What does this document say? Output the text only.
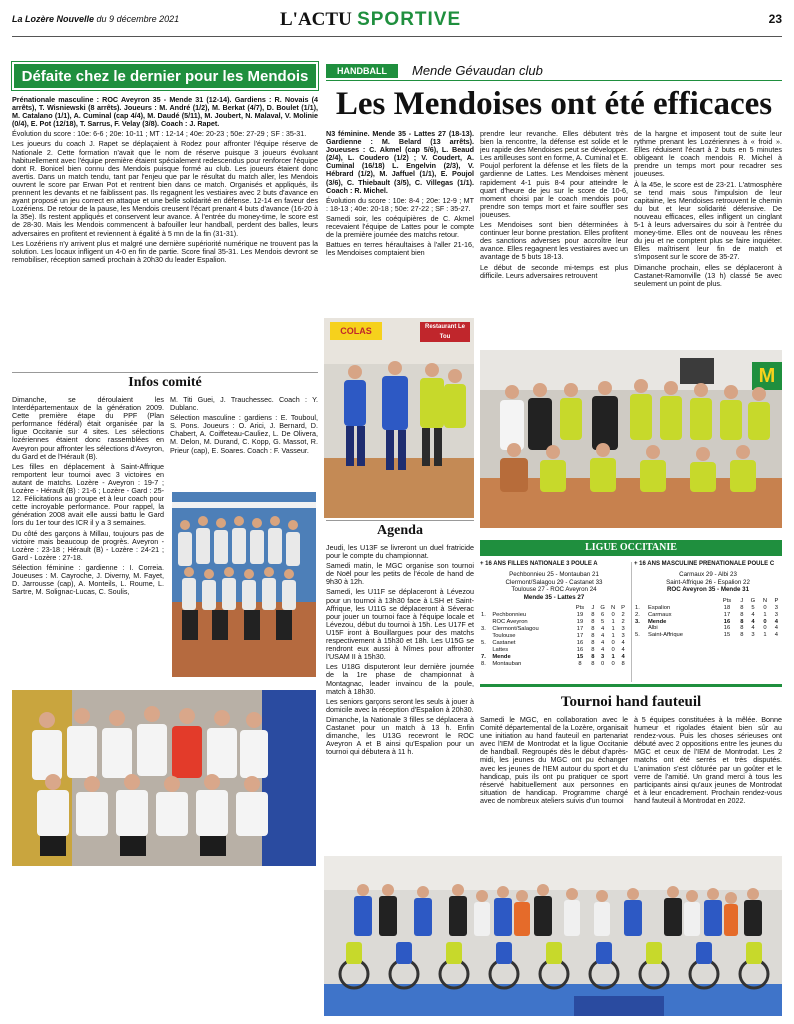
La Lozère Nouvelle du 9 décembre 2021	L'ACTU SPORTIVE	23
Défaite chez le dernier pour les Mendois

Prénationale masculine : ROC Aveyron 35 - Mende 31 (12-14). Gardiens : R. Novais (4 arrêts), T. Wisniewski (8 arrêts). Joueurs : M. André (1/2), M. Berkat (4/7), D. Boulet (1/1), M. Catalano (1/1), A. Cuminal (cap 4/4), M. Daudé (5/11), M. Joubert, N. Malaval, V. Molinie (0/4), E. Pot (12/18), T. Sarrus, F. Velay (3/8). Coach : J. Rapet.

Évolution du score : 10e: 6-6 ; 20e: 10-11 ; MT : 12-14 ; 40e: 20-23 ; 50e: 27-29 ; SF : 35-31.

Les joueurs du coach J. Rapet se déplaçaient à Rodez pour affronter l'équipe réserve de Nationale 2. Cette formation n'avait que le nom de réserve puisque 3 joueurs évoluant habituellement avec l'équipe première étaient spécialement redescendus pour renforcer l'équipe dont R. Bonicel bien connu des Mendois puisque formé au club. Les joueurs étaient donc avertis. Dans un match tendu, tant par l'enjeu que par le résultat du match aller, les Mendois ouvrent le score par Erwan Pot et rentrent bien dans ce match. Organisés et appliqués, ils prennent les devants et ne faiblissent pas. Ils regagnent les vestiaires avec 2 buts d'avance en ayant proposé un jeu correct en attaque et une belle solidarité en défense. 12-14 en faveur des Lozériens. De retour de la pause, les Mendois creusent l'écart prenant 4 buts d'avance (16-20 à la 35e). Ils restent appliqués et conservent leur avance. À l'entrée du money-time, le score est de 28-30. Mais les Mendois commencent à bafouiller leur handball, perdent des balles, leurs adversaires en profitent et reviennent à égalité à 5 mn de la fin (31-31).

Les Lozériens n'y arrivent plus et malgré une dernière supériorité numérique ne trouvent pas la solution. Les locaux infligent un 4-0 en fin de partie. Score final 35-31. Les Mendois devront se remobiliser, réception samedi prochain à 20h30 du leader Espalion.

Infos comité

Dimanche, se déroulaient les Interdépartementaux de la génération 2009. Cette première étape du PPF (Plan performance fédéral) était organisée par la ligue Occitanie sur 4 sites. Les sélections lozériennes étaient donc rassemblées en Aveyron pour affronter les sélections d'Aveyron, du Gard et de l'Hérault (B).

Les filles en déplacement à Saint-Affrique remportent leur tournoi avec 3 victoires en autant de matchs. Lozère - Aveyron : 19-7 ; Lozère - Hérault (B) : 21-6 ; Lozère - Gard : 25-12. Félicitations au groupe et à leur coach pour cette incroyable performance. Pour rappel, la génération 2008 avait elle aussi battu le Gard lors du 1er tour des ICR il y a 3 semaines.

Du côté des garçons à Millau, toujours pas de victoire mais beaucoup de progrès. Aveyron - Lozère : 23-18 ; Hérault (B) - Lozère : 24-21 ; Gard - Lozère : 27-18.

Sélection féminine : gardienne : I. Correia. Joueuses : M. Cayroche, J. Diverny, M. Fayet, D. Jarrousse (cap), A. Monteils, L. Roume, L. Sartre, M. Solignac-Lucas, C. Soulis,

M. Titi Guei, J. Trauchessec. Coach : Y. Dublanc.

Sélection masculine : gardiens : E. Touboul, S. Pons. Joueurs : O. Arici, J. Bernard, D. Chabert, A. Coiffeteau-Cauliez, L. De Olivera, M. Delon, M. Durand, C. Kopp, G. Massot, R. Prieur (cap), E. Soares. Coach : F. Vasseur.

HANDBALL	Mende Gévaudan club
Les Mendoises ont été efficaces

N3 féminine. Mende 35 - Lattes 27 (18-13). Gardienne : M. Belard (13 arrêts). Joueuses : C. Akmel (cap 5/6), L. Beaud (2/4), L. Coudero (1/2) ; V. Coudert, A. Cuminal (16/18) L. Engelvin (2/3), V. Hébrard (1/2), M. Jaffuel (1/1), E. Poujol (3/6), C. Thiebault (3/5), C. Villegas (1/1). Coach : R. Michel.

Évolution du score : 10e: 8-4 ; 20e: 12-9 ; MT : 18-13 ; 40e: 20-18 ; 50e: 27-22 ; SF : 35-27.

Samedi soir, les coéquipières de C. Akmel recevaient l'équipe de Lattes pour le compte de la première journée des matchs retour.

Battues en terres héraultaises à l'aller 21-16, les Mendoises comptaient bien

prendre leur revanche. Elles débutent très bien la rencontre, la défense est solide et le jeu rapide des Mendoises peut se développer. Les artilleuses sont en forme, A. Cuminal et E. Poujol perforent la défense et les filets de la gardienne de Lattes. Les Mendoises mènent rapidement 4-1 puis 8-4 pour atteindre le quart d'heure de jeu sur le score de 10-6, moment choisi par le coach mendois pour prendre son temps mort et faire souffler ses joueuses.

Les Mendoises sont bien déterminées à continuer leur bonne prestation. Elles profitent des sanctions adverses pour accroître leur avance. Elles regagnent les vestiaires avec un avantage de 5 buts 18-13.

Le début de seconde mi-temps est plus difficile. Leurs adversaires retrouvent

de la hargne et imposent tout de suite leur rythme prenant les Lozériennes à « froid ». Elles réduisent l'écart à 2 buts en 5 minutes obligeant le coach mendois R. Michel à prendre un temps mort pour recadrer ses joueuses.

À la 45e, le score est de 23-21. L'atmosphère se tend mais sous l'impulsion de leur capitaine, les Mendoises retrouvent le chemin du but et leur solidarité défensive. De nouveau efficaces, elles infligent un cinglant 5-1 à leurs adversaires du soir à l'entrée du money-time. Elles ont de nouveau les rênes du jeu et ne comptent plus se faire inquiéter. Elles maîtrisent leur fin de match et s'imposent sur le score de 35-27.

Dimanche prochain, elles se déplaceront à Castanet-Ramonville (13 h) classé 5e avec seulement un point de plus.

COLAS	Restaurant Le Tou
M
Agenda

Jeudi, les U13F se livreront un duel fratricide pour le compte du championnat.

Samedi matin, le MGC organise son tournoi de Noël pour les petits de l'école de hand de 9h30 à 12h.

Samedi, les U11F se déplaceront à Lévezou pour un tournoi à 13h30 face à LSH et Saint-Affrique, les U11G se déplaceront à Séverac pour jouer un tournoi face à l'équipe locale et Lévezou, début du tournoi à 15h. Les U17F et U15F iront à Bouillargues pour des matchs respectivement à 15h30 et 18h. Les U15G se rendront eux aussi à Nîmes pour affronter l'USAM II à 15h30.

Les U18G disputeront leur dernière journée de la 1re phase de championnat à Montagnac, leader invaincu de la poule, match à 18h30.

Les seniors garçons seront les seuls à jouer à domicile avec la réception d'Espalion à 20h30.

Dimanche, la Nationale 3 filles se déplacera à Castanet pour un match à 13 h. Enfin dimanche, les U13G recevront le ROC Aveyron A et B ainsi qu'Espalion pour un tournoi qui débutera à 11 h.

LIGUE OCCITANIE
+ 16 ANS FILLES NATIONALE 3 POULE A
Pechbonnieu 25 - Montauban 21
Clermont/Salagou 29 - Castanet 33
Toulouse 27 - ROC Aveyron 24
Mende 35 - Lattes 27
		Pts	J	G	N	P
1.	Pechbonnieu	19	8	6	0	2
	ROC Aveyron	19	8	5	1	2
3.	Clermont/Salagou	17	8	4	1	3
	Toulouse	17	8	4	1	3
5.	Castanet	16	8	4	0	4
	Lattes	16	8	4	0	4
7.	Mende	15	8	3	1	4
8.	Montauban	8	8	0	0	8
+ 16 ANS MASCULINE PRÉNATIONALE POULE C
Carmaux 29 - Albi 23
Saint-Affrique 26 - Espalion 22
ROC Aveyron 35 - Mende 31
		Pts	J	G	N	P
1.	Espalion	18	8	5	0	3
2.	Carmaux	17	8	4	1	3
3.	Mende	16	8	4	0	4
	Albi	16	8	4	0	4
5.	Saint-Affrique	15	8	3	1	4
Tournoi hand fauteuil

Samedi le MGC, en collaboration avec le Comité départemental de la Lozère, organisait une initiation au hand fauteuil en partenariat avec l'IEM de Montrodat et la ligue Occitanie de handball. Regroupés dès le début d'après-midi, les jeunes du MGC ont pu échanger avec les jeunes de l'IEM autour du sport et du handicap, puis ils ont pu pratiquer ce sport réservé habituellement aux personnes en situation de handicap. Programme chargé avec de nombreux ateliers suivis d'un tournoi

à 5 équipes constituées à la mêlée. Bonne humeur et rigolades étaient bien sûr au rendez-vous. Puis les choses sérieuses ont débuté avec 2 oppositions entre les jeunes du MGC et ceux de l'IEM de Montrodat. Les 2 matchs ont été serrés et très disputés. L'animation s'est clôturée par un goûter et le verre de l'amitié. Un grand merci à tous les participants ainsi qu'aux jeunes de Montrodat et à leur encadrement. Prochain rendez-vous hand fauteuil à Montrodat en 2022.
